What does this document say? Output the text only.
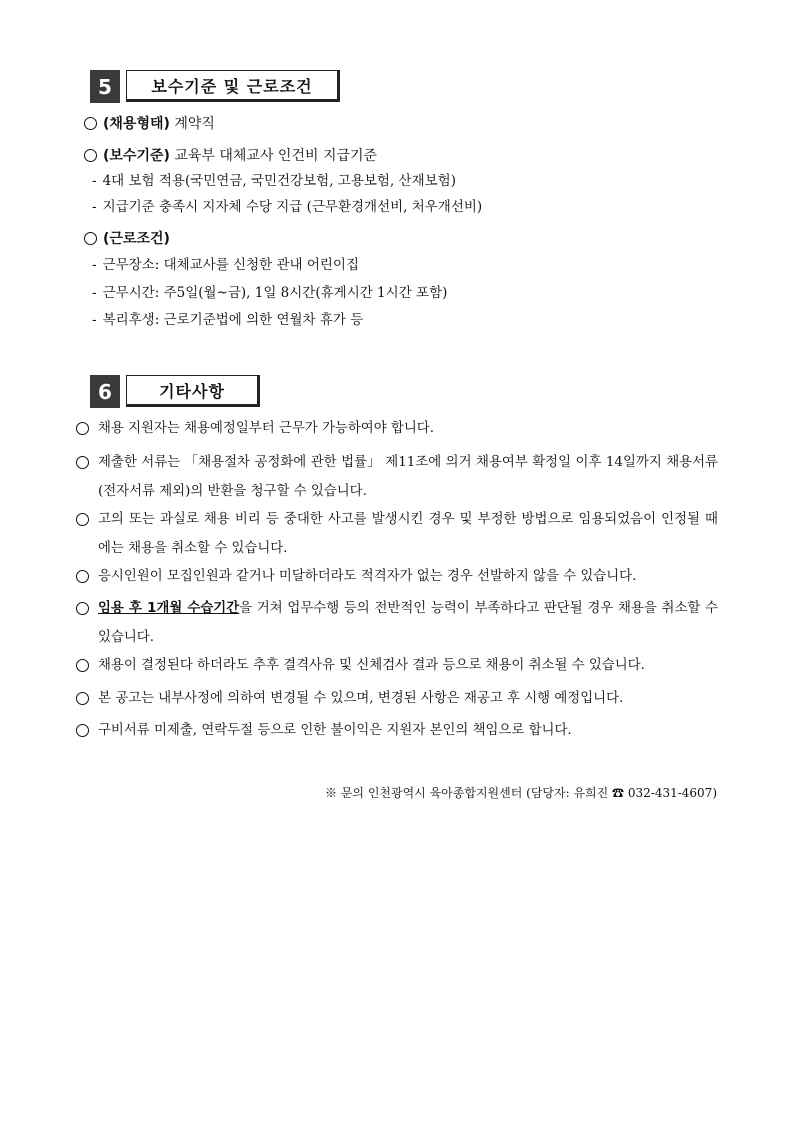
5	보수기준 및 근로조건
(채용형태) 계약직
(보수기준) 교육부 대체교사 인건비 지급기준
- 4대 보험 적용(국민연금, 국민건강보험, 고용보험, 산재보험)
- 지급기준 충족시 지자체 수당 지급 (근무환경개선비, 처우개선비)
(근로조건)
- 근무장소: 대체교사를 신청한 관내 어린이집
- 근무시간: 주5일(월~금), 1일 8시간(휴게시간 1시간 포함)
- 복리후생: 근로기준법에 의한 연월차 휴가 등
6	기타사항
채용 지원자는 채용예정일부터 근무가 가능하여야 합니다.
제출한 서류는 「채용절차 공정화에 관한 법률」 제11조에 의거 채용여부 확정일 이후 14일까지 채용서류(전자서류 제외)의 반환을 청구할 수 있습니다.
고의 또는 과실로 채용 비리 등 중대한 사고를 발생시킨 경우 및 부정한 방법으로 임용되었음이 인정될 때에는 채용을 취소할 수 있습니다.
응시인원이 모집인원과 같거나 미달하더라도 적격자가 없는 경우 선발하지 않을 수 있습니다.
임용 후 1개월 수습기간을 거쳐 업무수행 등의 전반적인 능력이 부족하다고 판단될 경우 채용을 취소할 수 있습니다.
채용이 결정된다 하더라도 추후 결격사유 및 신체검사 결과 등으로 채용이 취소될 수 있습니다.
본 공고는 내부사정에 의하여 변경될 수 있으며, 변경된 사항은 재공고 후 시행 예정입니다.
구비서류 미제출, 연락두절 등으로 인한 불이익은 지원자 본인의 책임으로 합니다.
※ 문의 인천광역시 육아종합지원센터 (담당자: 유희진 ☎ 032-431-4607)
